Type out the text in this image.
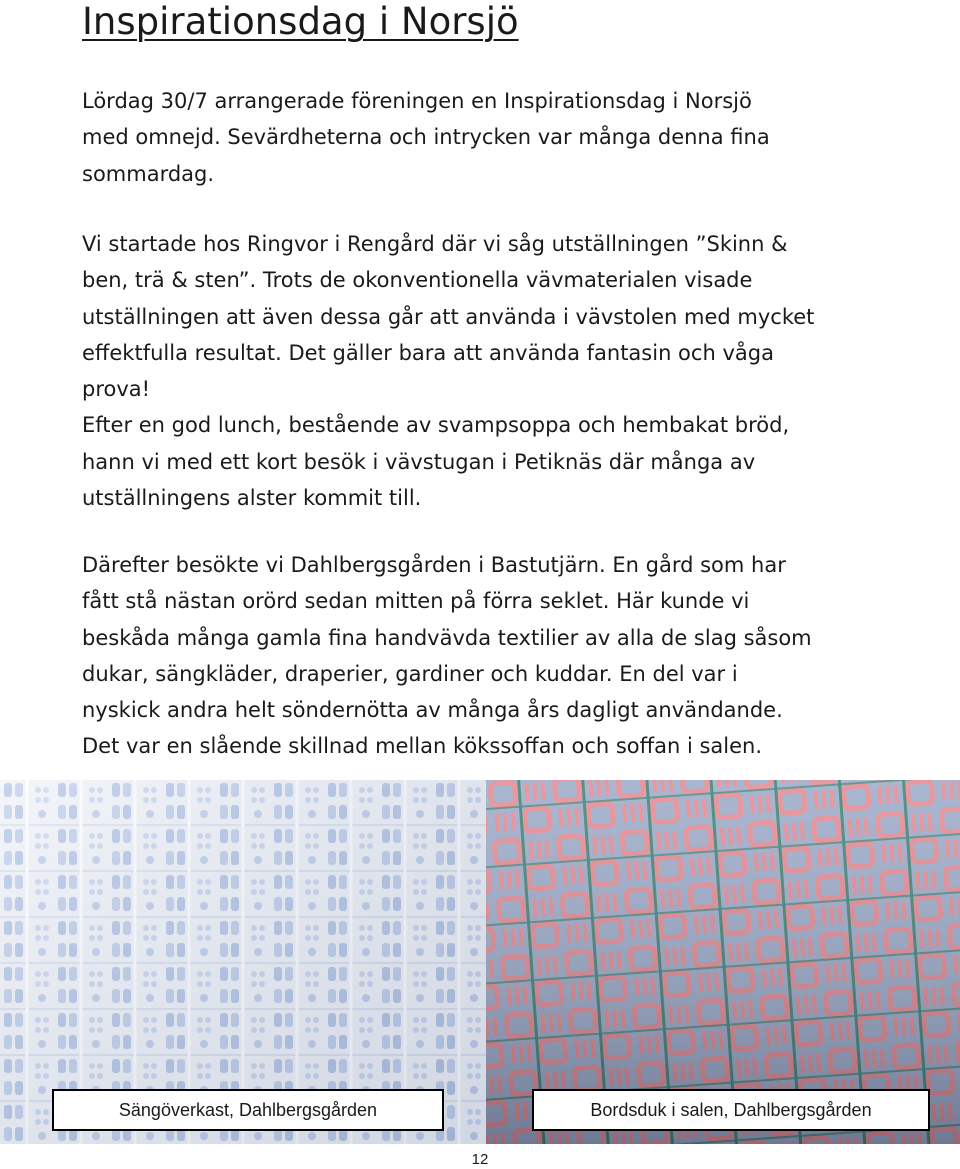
Inspirationsdag i Norsjö
Lördag 30/7 arrangerade föreningen en Inspirationsdag i Norsjö
med omnejd. Sevärdheterna och intrycken var många denna fina
sommardag.
Vi startade hos Ringvor i Rengård där vi såg utställningen ”Skinn &
ben, trä & sten”. Trots de okonventionella vävmaterialen visade
utställningen att även dessa går att använda i vävstolen med mycket
effektfulla resultat. Det gäller bara att använda fantasin och våga
prova!
Efter en god lunch, bestående av svampsoppa och hembakat bröd,
hann vi med ett kort besök i vävstugan i Petiknäs där många av
utställningens alster kommit till.
Därefter besökte vi Dahlbergsgården i Bastutjärn. En gård som har
fått stå nästan orörd sedan mitten på förra seklet. Här kunde vi
beskåda många gamla fina handvävda textilier av alla de slag såsom
dukar, sängkläder, draperier, gardiner och kuddar. En del var i
nyskick andra helt söndernötta av många års dagligt användande.
Det var en slående skillnad mellan kökssoffan och soffan i salen.
Sängöverkast, Dahlbergsgården	Bordsduk i salen, Dahlbergsgården
12
